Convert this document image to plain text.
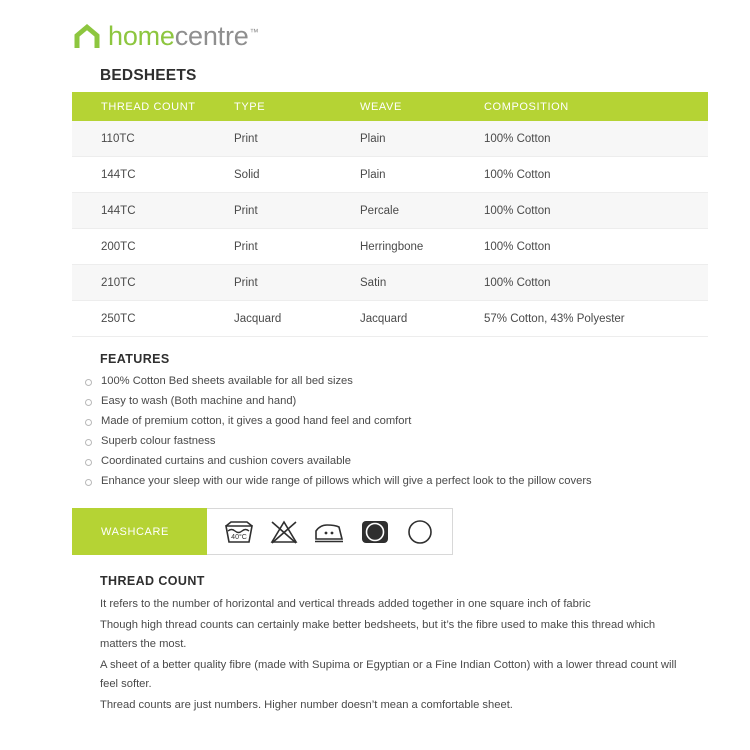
homecentre™
BEDSHEETS
THREAD COUNT	TYPE	WEAVE	COMPOSITION
110TC	Print	Plain	100% Cotton
144TC	Solid	Plain	100% Cotton
144TC	Print	Percale	100% Cotton
200TC	Print	Herringbone	100% Cotton
210TC	Print	Satin	100% Cotton
250TC	Jacquard	Jacquard	57% Cotton, 43% Polyester
FEATURES
100% Cotton Bed sheets available for all bed sizes
Easy to wash (Both machine and hand)
Made of premium cotton, it gives a good hand feel and comfort
Superb colour fastness
Coordinated curtains and cushion covers available
Enhance your sleep with our wide range of pillows which will give a perfect look to the pillow covers
WASHCARE	40°C
THREAD COUNT

It refers to the number of horizontal and vertical threads added together in one square inch of fabric

Though high thread counts can certainly make better bedsheets, but it’s the fibre used to make this thread which matters the most.

A sheet of a better quality fibre (made with Supima or Egyptian or a Fine Indian Cotton) with a lower thread count will feel softer.

Thread counts are just numbers. Higher number doesn’t mean a comfortable sheet.
